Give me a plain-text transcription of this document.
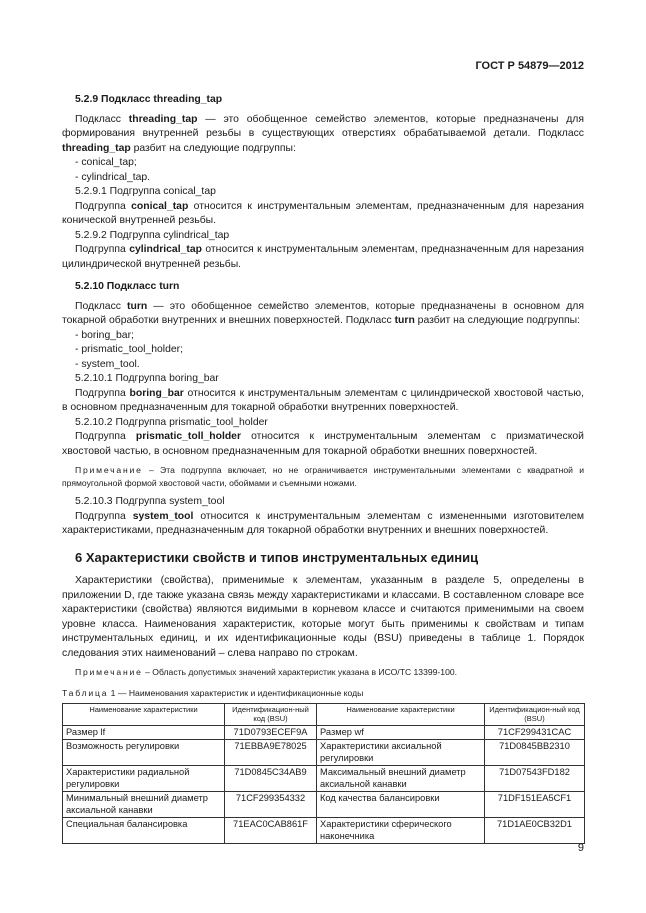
ГОСТ Р 54879—2012
5.2.9 Подкласс threading_tap

Подкласс threading_tap — это обобщенное семейство элементов, которые предназначены для формирования внутренней резьбы в существующих отверстиях обрабатываемой детали. Подкласс threading_tap разбит на следующие подгруппы:

- conical_tap;
- cylindrical_tap.
5.2.9.1 Подгруппа conical_tap

Подгруппа conical_tap относится к инструментальным элементам, предназначенным для нарезания конической внутренней резьбы.

5.2.9.2 Подгруппа cylindrical_tap

Подгруппа cylindrical_tap относится к инструментальным элементам, предназначенным для нарезания цилиндрической внутренней резьбы.

5.2.10 Подкласс turn

Подкласс turn — это обобщенное семейство элементов, которые предназначены в основном для токарной обработки внутренних и внешних поверхностей. Подкласс turn разбит на следующие подгруппы:

- boring_bar;
- prismatic_tool_holder;
- system_tool.
5.2.10.1 Подгруппа boring_bar

Подгруппа boring_bar относится к инструментальным элементам с цилиндрической хвостовой частью, в основном предназначенным для токарной обработки внутренних поверхностей.

5.2.10.2 Подгруппа prismatic_tool_holder

Подгруппа prismatic_toll_holder относится к инструментальным элементам с призматической хвостовой частью, в основном предназначенным для токарной обработки внешних поверхностей.

Примечание – Эта подгруппа включает, но не ограничивается инструментальными элементами с квадратной и прямоугольной формой хвостовой части, обоймами и съемными ножами.

5.2.10.3 Подгруппа system_tool

Подгруппа system_tool относится к инструментальным элементам с измененными изготовителем характеристиками, предназначенным для токарной обработки внутренних и внешних поверхностей.

6 Характеристики свойств и типов инструментальных единиц

Характеристики (свойства), применимые к элементам, указанным в разделе 5, определены в приложении D, где также указана связь между характеристиками и классами. В составленном словаре все характеристики (свойства) являются видимыми в корневом классе и считаются применимыми на своем уровне класса. Наименования характеристик, которые могут быть применимы к свойствам и типам инструментальных единиц, и их идентификационные коды (BSU) приведены в таблице 1. Порядок следования этих наименований – слева направо по строкам.

Примечание – Область допустимых значений характеристик указана в ИСО/ТС 13399-100.

Таблица 1 — Наименования характеристик и идентификационные коды
Наименование характеристики	Идентификацион-ный код (BSU)	Наименование характеристики	Идентификацион-ный код (BSU)
Размер lf	71D0793ECEF9A	Размер wf	71CF299431CAC
Возможность регулировки	71EBBA9E78025	Характеристики аксиальной регулировки	71D0845BB2310
Характеристики радиальной регулировки	71D0845C34AB9	Максимальный внешний диаметр аксиальной канавки	71D07543FD182
Минимальный внешний диаметр аксиальной канавки	71CF299354332	Код качества балансировки	71DF151EA5CF1
Специальная балансировка	71EAC0CAB861F	Характеристики сферического наконечника	71D1AE0CB32D1
9
